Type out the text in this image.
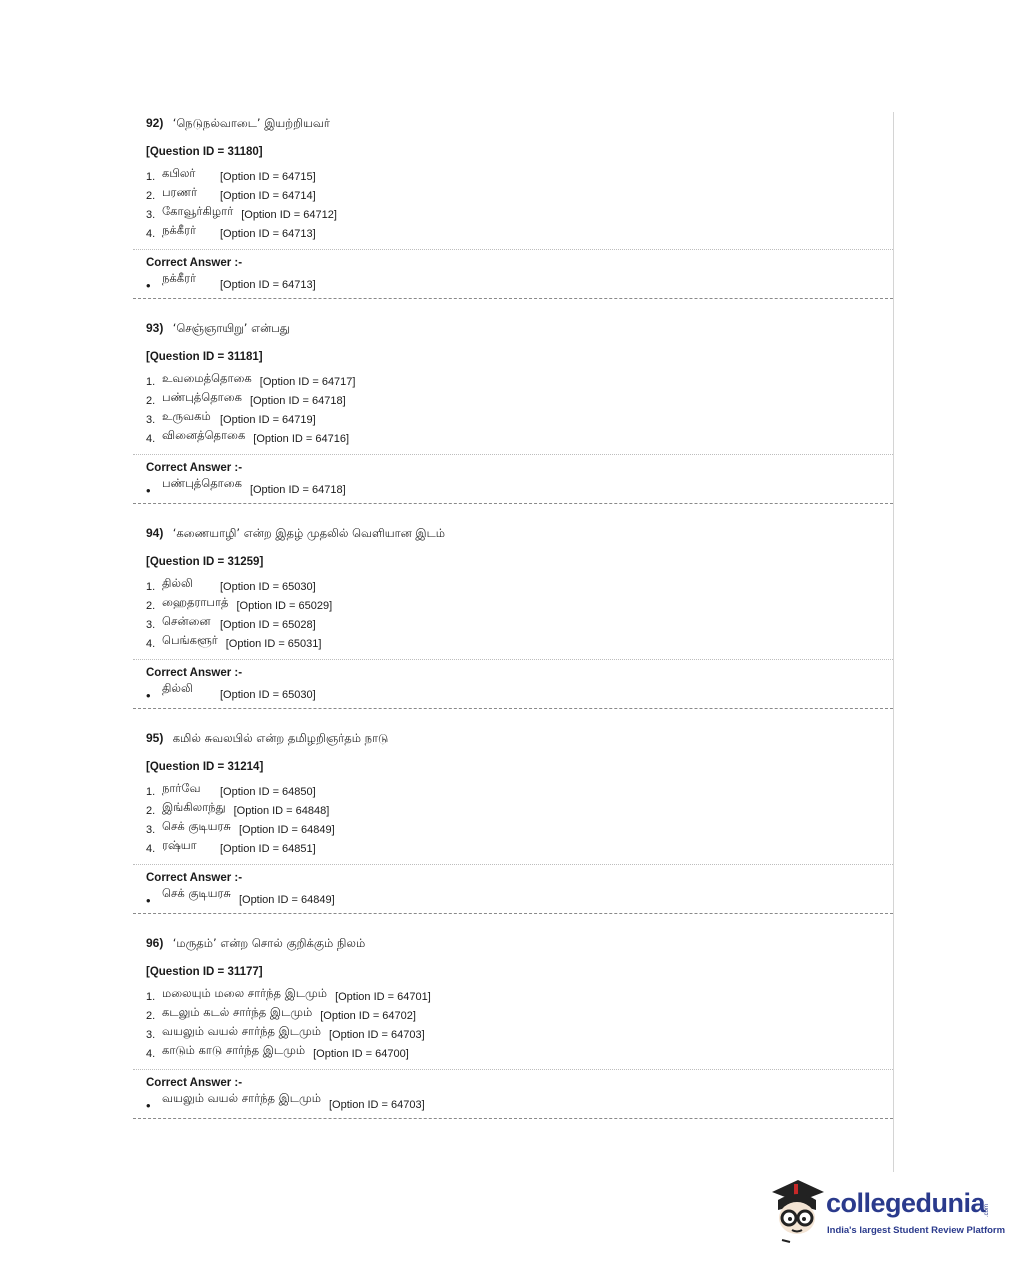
92) ‘நெடுநல்வாடை’ இயற்றியவர்
[Question ID = 31180]
1. கபிலர்	[Option ID = 64715]
2. பரணர்	[Option ID = 64714]
3. கோவூர்கிழார் [Option ID = 64712]
4. நக்கீரர்	[Option ID = 64713]
Correct Answer :-
• நக்கீரர்	[Option ID = 64713]
93) ‘செஞ்ஞாயிறு’ என்பது
[Question ID = 31181]
1. உவமைத்தொகை [Option ID = 64717]
2. பண்புத்தொகை [Option ID = 64718]
3. உருவகம் [Option ID = 64719]
4. வினைத்தொகை [Option ID = 64716]
Correct Answer :-
• பண்புத்தொகை [Option ID = 64718]
94) ‘கணையாழி’ என்ற இதழ் முதலில் வெளியான இடம்
[Question ID = 31259]
1. தில்லி	[Option ID = 65030]
2. ஹைதராபாத் [Option ID = 65029]
3. சென்னை [Option ID = 65028]
4. பெங்களூர் [Option ID = 65031]
Correct Answer :-
• தில்லி	[Option ID = 65030]
95) கமில் சுவலபில் என்ற தமிழறிஞர்தம் நாடு
[Question ID = 31214]
1. நார்வே	[Option ID = 64850]
2. இங்கிலாந்து [Option ID = 64848]
3. செக் குடியரசு [Option ID = 64849]
4. ரஷ்யா	[Option ID = 64851]
Correct Answer :-
• செக் குடியரசு [Option ID = 64849]
96) ‘மருதம்’ என்ற சொல் குறிக்கும் நிலம்
[Question ID = 31177]
1. மலையும் மலை சார்ந்த இடமும் [Option ID = 64701]
2. கடலும் கடல் சார்ந்த இடமும் [Option ID = 64702]
3. வயலும் வயல் சார்ந்த இடமும் [Option ID = 64703]
4. காடும் காடு சார்ந்த இடமும் [Option ID = 64700]
Correct Answer :-
• வயலும் வயல் சார்ந்த இடமும் [Option ID = 64703]
collegedunia
.com
India's largest Student Review Platform
